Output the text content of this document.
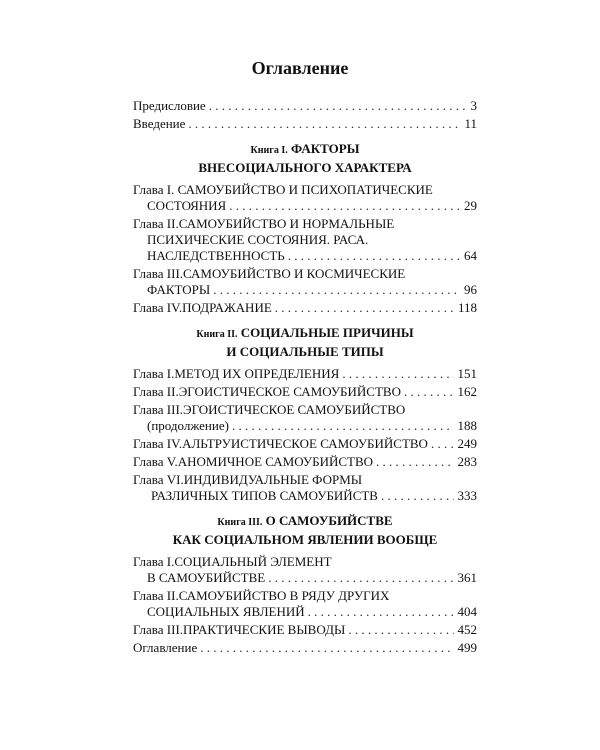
Оглавление
Предисловие . . .	3
Введение . . .	11
Книга I. ФАКТОРЫ
ВНЕСОЦИАЛЬНОГО ХАРАКТЕРА
Глава I. САМОУБИЙСТВО И ПСИХОПАТИЧЕСКИЕ
СОСТОЯНИЯ . . .	29
Глава II.САМОУБИЙСТВО И НОРМАЛЬНЫЕ
ПСИХИЧЕСКИЕ СОСТОЯНИЯ. РАСА.
НАСЛЕДСТВЕННОСТЬ . . .	64
Глава III.САМОУБИЙСТВО И КОСМИЧЕСКИЕ
ФАКТОРЫ . . .	96
Глава IV.ПОДРАЖАНИЕ . . .	118
Книга II. СОЦИАЛЬНЫЕ ПРИЧИНЫ
И СОЦИАЛЬНЫЕ ТИПЫ
Глава I.МЕТОД ИХ ОПРЕДЕЛЕНИЯ . . .	151
Глава II.ЭГОИСТИЧЕСКОЕ САМОУБИЙСТВО . . .	162
Глава III.ЭГОИСТИЧЕСКОЕ САМОУБИЙСТВО
(продолжение) . . .	188
Глава IV.АЛЬТРУИСТИЧЕСКОЕ САМОУБИЙСТВО . . .	249
Глава V.АНОМИЧНОЕ САМОУБИЙСТВО . . .	283
Глава VI.ИНДИВИДУАЛЬНЫЕ ФОРМЫ
РАЗЛИЧНЫХ ТИПОВ САМОУБИЙСТВ . . .	333
Книга III. О САМОУБИЙСТВЕ
КАК СОЦИАЛЬНОМ ЯВЛЕНИИ ВООБЩЕ
Глава I.СОЦИАЛЬНЫЙ ЭЛЕМЕНТ
В САМОУБИЙСТВЕ . . .	361
Глава II.САМОУБИЙСТВО В РЯДУ ДРУГИХ
СОЦИАЛЬНЫХ ЯВЛЕНИЙ . . .	404
Глава III.ПРАКТИЧЕСКИЕ ВЫВОДЫ . . .	452
Оглавление . . .	499
